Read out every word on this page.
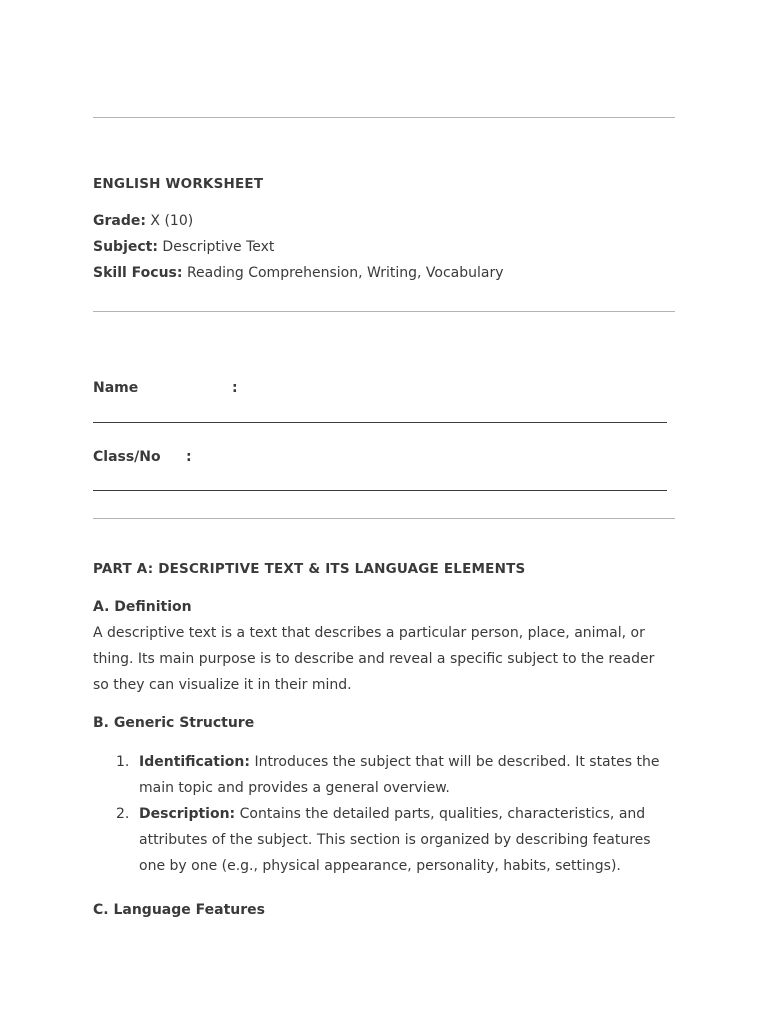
ENGLISH WORKSHEET
Grade: X (10)
Subject: Descriptive Text
Skill Focus: Reading Comprehension, Writing, Vocabulary
Name	:
Class/No :
PART A: DESCRIPTIVE TEXT & ITS LANGUAGE ELEMENTS
A. Definition
A descriptive text is a text that describes a particular person, place, animal, or thing. Its main purpose is to describe and reveal a specific subject to the reader so they can visualize it in their mind.
B. Generic Structure
1. Identification: Introduces the subject that will be described. It states the main topic and provides a general overview.
2. Description: Contains the detailed parts, qualities, characteristics, and attributes of the subject. This section is organized by describing features one by one (e.g., physical appearance, personality, habits, settings).
C. Language Features
